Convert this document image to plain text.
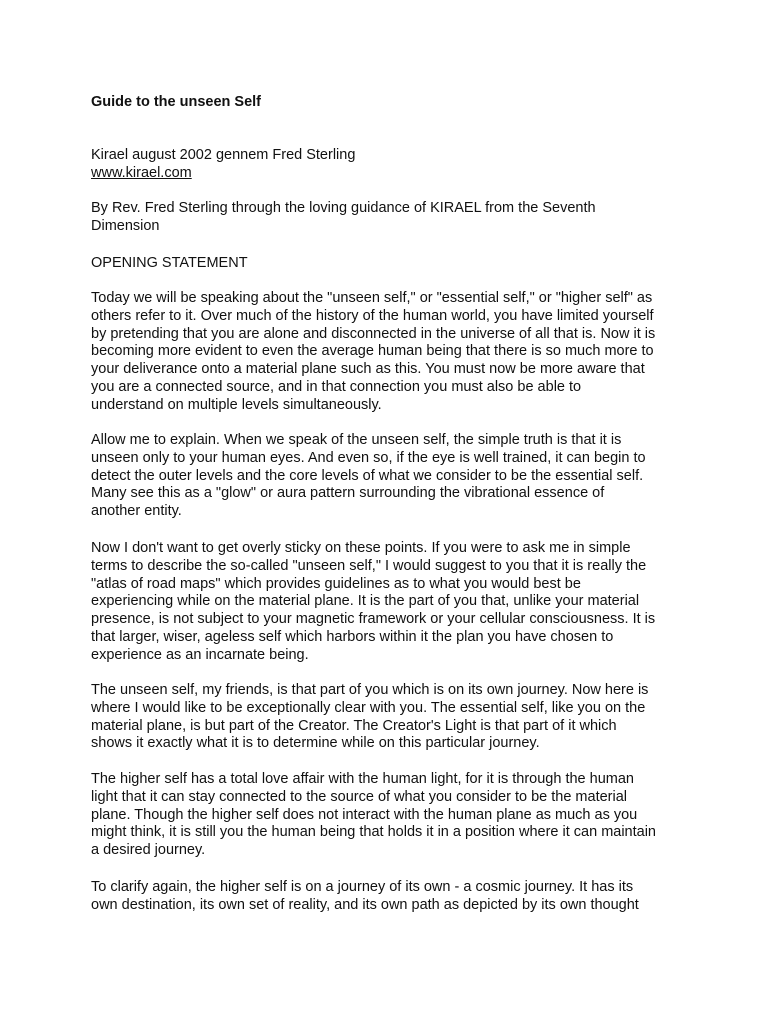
Guide to the unseen Self
Kirael august 2002 gennem Fred Sterling
www.kirael.com
By Rev. Fred Sterling through the loving guidance of KIRAEL from the Seventh
Dimension
OPENING STATEMENT
Today we will be speaking about the "unseen self," or "essential self," or "higher self" as
others refer to it. Over much of the history of the human world, you have limited yourself
by pretending that you are alone and disconnected in the universe of all that is. Now it is
becoming more evident to even the average human being that there is so much more to
your deliverance onto a material plane such as this. You must now be more aware that
you are a connected source, and in that connection you must also be able to
understand on multiple levels simultaneously.
Allow me to explain. When we speak of the unseen self, the simple truth is that it is
unseen only to your human eyes. And even so, if the eye is well trained, it can begin to
detect the outer levels and the core levels of what we consider to be the essential self.
Many see this as a "glow" or aura pattern surrounding the vibrational essence of
another entity.
Now I don't want to get overly sticky on these points. If you were to ask me in simple
terms to describe the so-called "unseen self," I would suggest to you that it is really the
"atlas of road maps" which provides guidelines as to what you would best be
experiencing while on the material plane. It is the part of you that, unlike your material
presence, is not subject to your magnetic framework or your cellular consciousness. It is
that larger, wiser, ageless self which harbors within it the plan you have chosen to
experience as an incarnate being.
The unseen self, my friends, is that part of you which is on its own journey. Now here is
where I would like to be exceptionally clear with you. The essential self, like you on the
material plane, is but part of the Creator. The Creator's Light is that part of it which
shows it exactly what it is to determine while on this particular journey.
The higher self has a total love affair with the human light, for it is through the human
light that it can stay connected to the source of what you consider to be the material
plane. Though the higher self does not interact with the human plane as much as you
might think, it is still you the human being that holds it in a position where it can maintain
a desired journey.
To clarify again, the higher self is on a journey of its own - a cosmic journey. It has its
own destination, its own set of reality, and its own path as depicted by its own thought
